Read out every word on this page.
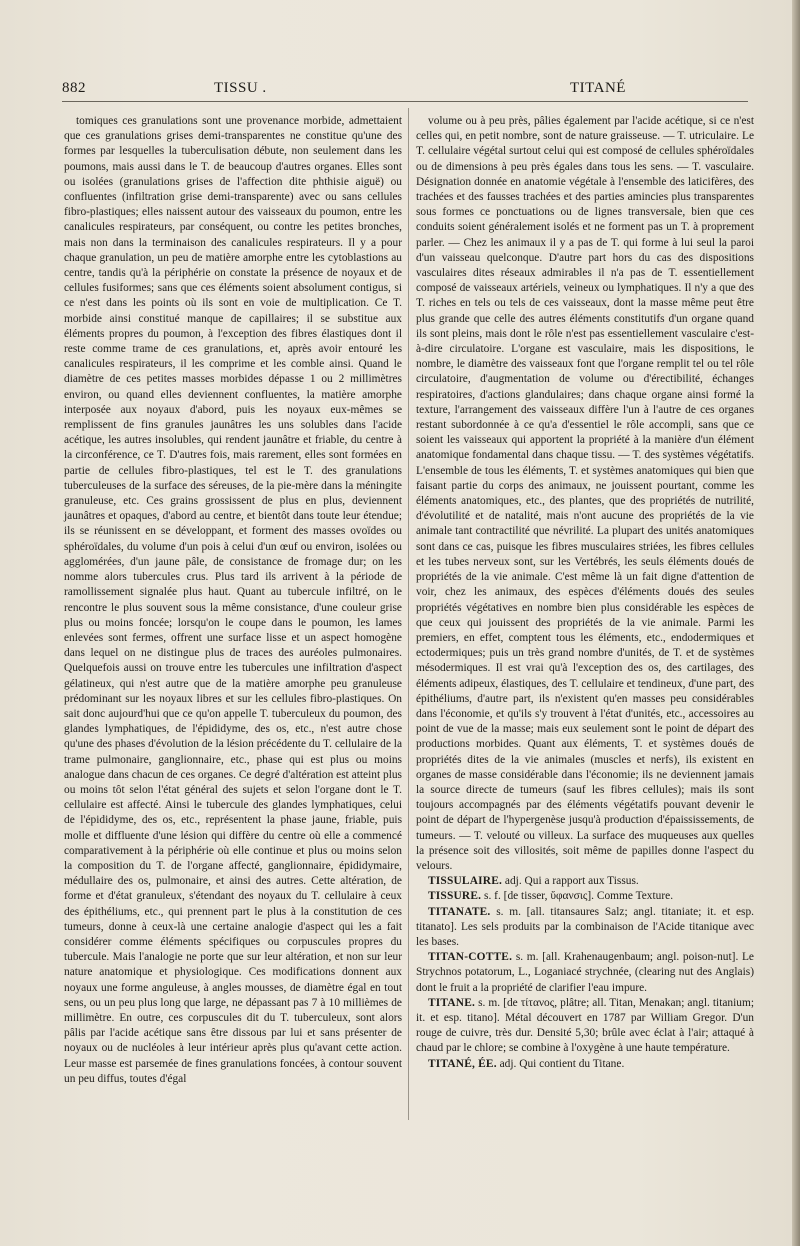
882	TISSU .	TITANÉ

tomiques ces granulations sont une provenance morbide, admettaient que ces granulations grises demi-transparentes ne constitue qu'une des formes par lesquelles la tuberculisation débute, non seulement dans les poumons, mais aussi dans le T. de beaucoup d'autres organes. Elles sont ou isolées (granulations grises de l'affection dite phthisie aiguë) ou confluentes (infiltration grise demi-transparente) avec ou sans cellules fibro-plastiques; elles naissent autour des vaisseaux du poumon, entre les canalicules respirateurs, par conséquent, ou contre les petites bronches, mais non dans la terminaison des canalicules respirateurs. Il y a pour chaque granulation, un peu de matière amorphe entre les cytoblastions au centre, tandis qu'à la périphérie on constate la présence de noyaux et de cellules fusiformes; sans que ces éléments soient absolument contigus, si ce n'est dans les points où ils sont en voie de multiplication. Ce T. morbide ainsi constitué manque de capillaires; il se substitue aux éléments propres du poumon, à l'exception des fibres élastiques dont il reste comme trame de ces granulations, et, après avoir entouré les canalicules respirateurs, il les comprime et les comble ainsi. Quand le diamètre de ces petites masses morbides dépasse 1 ou 2 millimètres environ, ou quand elles deviennent confluentes, la matière amorphe interposée aux noyaux d'abord, puis les noyaux eux-mêmes se remplissent de fins granules jaunâtres les uns solubles dans l'acide acétique, les autres insolubles, qui rendent jaunâtre et friable, du centre à la circonférence, ce T. D'autres fois, mais rarement, elles sont formées en partie de cellules fibro-plastiques, tel est le T. des granulations tuberculeuses de la surface des séreuses, de la pie-mère dans la méningite granuleuse, etc. Ces grains grossissent de plus en plus, deviennent jaunâtres et opaques, d'abord au centre, et bientôt dans toute leur étendue; ils se réunissent en se développant, et forment des masses ovoïdes ou sphéroïdales, du volume d'un pois à celui d'un œuf ou environ, isolées ou agglomérées, d'un jaune pâle, de consistance de fromage dur; on les nomme alors tubercules crus. Plus tard ils arrivent à la période de ramollissement signalée plus haut. Quant au tubercule infiltré, on le rencontre le plus souvent sous la même consistance, d'une couleur grise plus ou moins foncée; lorsqu'on le coupe dans le poumon, les lames enlevées sont fermes, offrent une surface lisse et un aspect homogène dans lequel on ne distingue plus de traces des auréoles pulmonaires. Quelquefois aussi on trouve entre les tubercules une infiltration d'aspect gélatineux, qui n'est autre que de la matière amorphe peu granuleuse prédominant sur les noyaux libres et sur les cellules fibro-plastiques. On sait donc aujourd'hui que ce qu'on appelle T. tuberculeux du poumon, des glandes lymphatiques, de l'épididyme, des os, etc., n'est autre chose qu'une des phases d'évolution de la lésion précédente du T. cellulaire de la trame pulmonaire, ganglionnaire, etc., phase qui est plus ou moins analogue dans chacun de ces organes. Ce degré d'altération est atteint plus ou moins tôt selon l'état général des sujets et selon l'organe dont le T. cellulaire est affecté. Ainsi le tubercule des glandes lymphatiques, celui de l'épididyme, des os, etc., représentent la phase jaune, friable, puis molle et diffluente d'une lésion qui diffère du centre où elle a commencé comparativement à la périphérie où elle continue et plus ou moins selon la composition du T. de l'organe affecté, ganglionnaire, épididymaire, médullaire des os, pulmonaire, et ainsi des autres. Cette altération, de forme et d'état granuleux, s'étendant des noyaux du T. cellulaire à ceux des épithéliums, etc., qui prennent part le plus à la constitution de ces tumeurs, donne à ceux-là une certaine analogie d'aspect qui les a fait considérer comme éléments spécifiques ou corpuscules propres du tubercule. Mais l'analogie ne porte que sur leur altération, et non sur leur nature anatomique et physiologique. Ces modifications donnent aux noyaux une forme anguleuse, à angles mousses, de diamètre égal en tout sens, ou un peu plus long que large, ne dépassant pas 7 à 10 millièmes de millimètre. En outre, ces corpuscules dit du T. tuberculeux, sont alors pâlis par l'acide acétique sans être dissous par lui et sans présenter de noyaux ou de nucléoles à leur intérieur après plus qu'avant cette action. Leur masse est parsemée de fines granulations foncées, à contour souvent un peu diffus, toutes d'égal

volume ou à peu près, pâlies également par l'acide acétique, si ce n'est celles qui, en petit nombre, sont de nature graisseuse. — T. utriculaire. Le T. cellulaire végétal surtout celui qui est composé de cellules sphéroïdales ou de dimensions à peu près égales dans tous les sens. — T. vasculaire. Désignation donnée en anatomie végétale à l'ensemble des laticifères, des trachées et des fausses trachées et des parties amincies plus transparentes sous formes ce ponctuations ou de lignes transversale, bien que ces conduits soient généralement isolés et ne forment pas un T. à proprement parler. — Chez les animaux il y a pas de T. qui forme à lui seul la paroi d'un vaisseau quelconque. D'autre part hors du cas des dispositions vasculaires dites réseaux admirables il n'a pas de T. essentiellement composé de vaisseaux artériels, veineux ou lymphatiques. Il n'y a que des T. riches en tels ou tels de ces vaisseaux, dont la masse même peut être plus grande que celle des autres éléments constitutifs d'un organe quand ils sont pleins, mais dont le rôle n'est pas essentiellement vasculaire c'est-à-dire circulatoire. L'organe est vasculaire, mais les dispositions, le nombre, le diamètre des vaisseaux font que l'organe remplit tel ou tel rôle circulatoire, d'augmentation de volume ou d'érectibilité, échanges respiratoires, d'actions glandulaires; dans chaque organe ainsi formé la texture, l'arrangement des vaisseaux diffère l'un à l'autre de ces organes restant subordonnée à ce qu'a d'essentiel le rôle accompli, sans que ce soient les vaisseaux qui apportent la propriété à la manière d'un élément anatomique fondamental dans chaque tissu. — T. des systèmes végétatifs. L'ensemble de tous les éléments, T. et systèmes anatomiques qui bien que faisant partie du corps des animaux, ne jouissent pourtant, comme les éléments anatomiques, etc., des plantes, que des propriétés de nutrilité, d'évolutilité et de natalité, mais n'ont aucune des propriétés de la vie animale tant contractilité que névrilité. La plupart des unités anatomiques sont dans ce cas, puisque les fibres musculaires striées, les fibres cellules et les tubes nerveux sont, sur les Vertébrés, les seuls éléments doués de propriétés de la vie animale. C'est même là un fait digne d'attention de voir, chez les animaux, des espèces d'éléments doués des seules propriétés végétatives en nombre bien plus considérable les espèces de que ceux qui jouissent des propriétés de la vie animale. Parmi les premiers, en effet, comptent tous les éléments, etc., endodermiques et ectodermiques; puis un très grand nombre d'unités, de T. et de systèmes mésodermiques. Il est vrai qu'à l'exception des os, des cartilages, des éléments adipeux, élastiques, des T. cellulaire et tendineux, d'une part, des épithéliums, d'autre part, ils n'existent qu'en masses peu considérables dans l'économie, et qu'ils s'y trouvent à l'état d'unités, etc., accessoires au point de vue de la masse; mais eux seulement sont le point de départ des productions morbides. Quant aux éléments, T. et systèmes doués de propriétés dites de la vie animales (muscles et nerfs), ils existent en organes de masse considérable dans l'économie; ils ne deviennent jamais la source directe de tumeurs (sauf les fibres cellules); mais ils sont toujours accompagnés par des éléments végétatifs pouvant devenir le point de départ de l'hypergenèse jusqu'à production d'épaississements, de tumeurs. — T. velouté ou villeux. La surface des muqueuses aux quelles la présence soit des villosités, soit même de papilles donne l'aspect du velours.

TISSULAIRE. adj. Qui a rapport aux Tissus.

TISSURE. s. f. [de tisser, ὕφανσις]. Comme Texture.

TITANATE. s. m. [all. titansaures Salz; angl. titaniate; it. et esp. titanato]. Les sels produits par la combinaison de l'Acide titanique avec les bases.

TITAN-COTTE. s. m. [all. Krahenaugenbaum; angl. poison-nut]. Le Strychnos potatorum, L., Loganiacé strychnée, (clearing nut des Anglais) dont le fruit a la propriété de clarifier l'eau impure.

TITANE. s. m. [de τίτανος, plâtre; all. Titan, Menakan; angl. titanium; it. et esp. titano]. Métal découvert en 1787 par William Gregor. D'un rouge de cuivre, très dur. Densité 5,30; brûle avec éclat à l'air; attaqué à chaud par le chlore; se combine à l'oxygène à une haute température.

TITANÉ, ÉE. adj. Qui contient du Titane.
